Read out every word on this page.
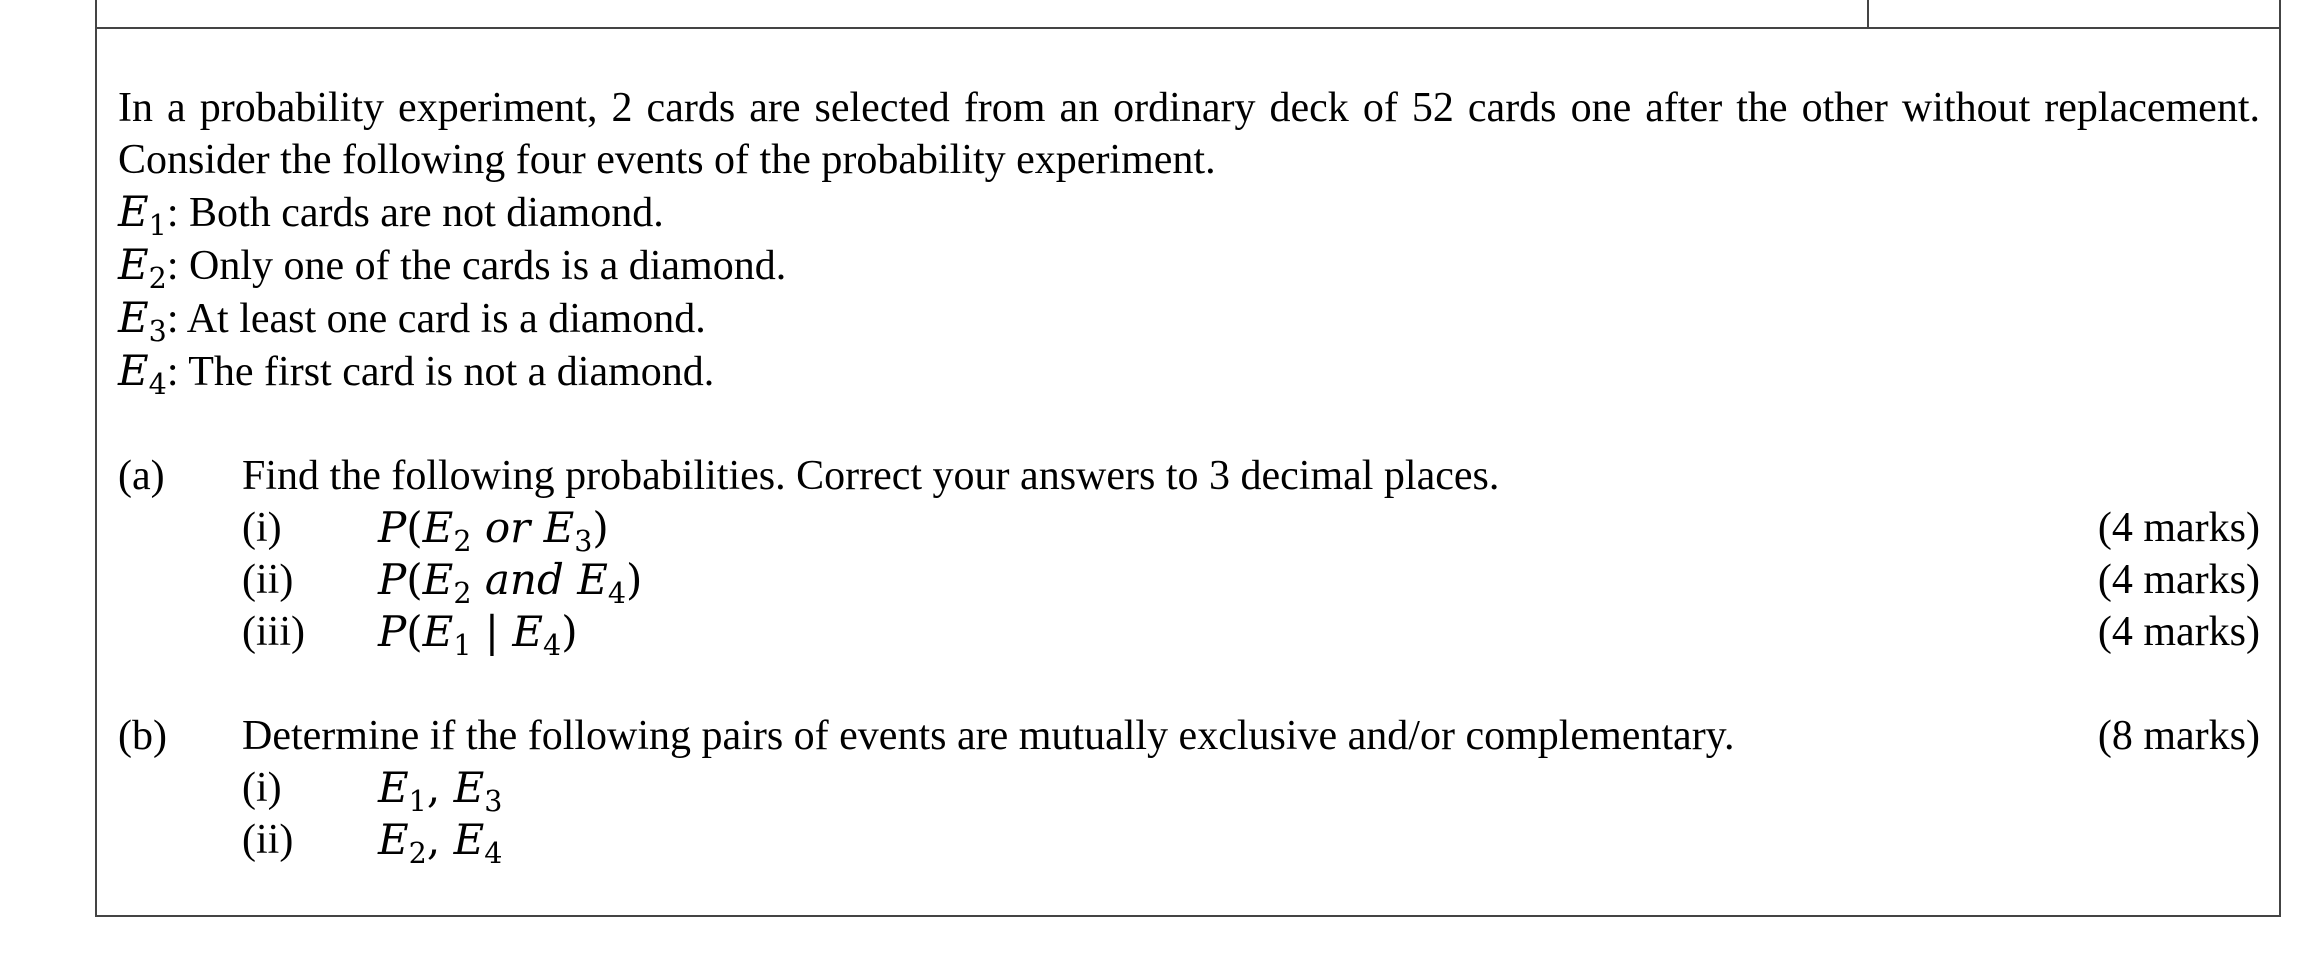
In a probability experiment, 2 cards are selected from an ordinary deck of 52 cards one after the other without replacement. Consider the following four events of the probability experiment.

$E_1$: Both cards are not diamond.

$E_2$: Only one of the cards is a diamond.

$E_3$: At least one card is a diamond.

$E_4$: The first card is not a diamond.

(a) Find the following probabilities. Correct your answers to 3 decimal places.
(i) $P(E_2$ or $E_3$)	(4 marks)
(ii) $P(E_2$ and $E_4$)	(4 marks)
(iii) $P(E_1$ | $E_4$)	(4 marks)
(b) Determine if the following pairs of events are mutually exclusive and/or complementary.	(8 marks)
(i) $E_1$, $E_3$
(ii) $E_2$, $E_4$
